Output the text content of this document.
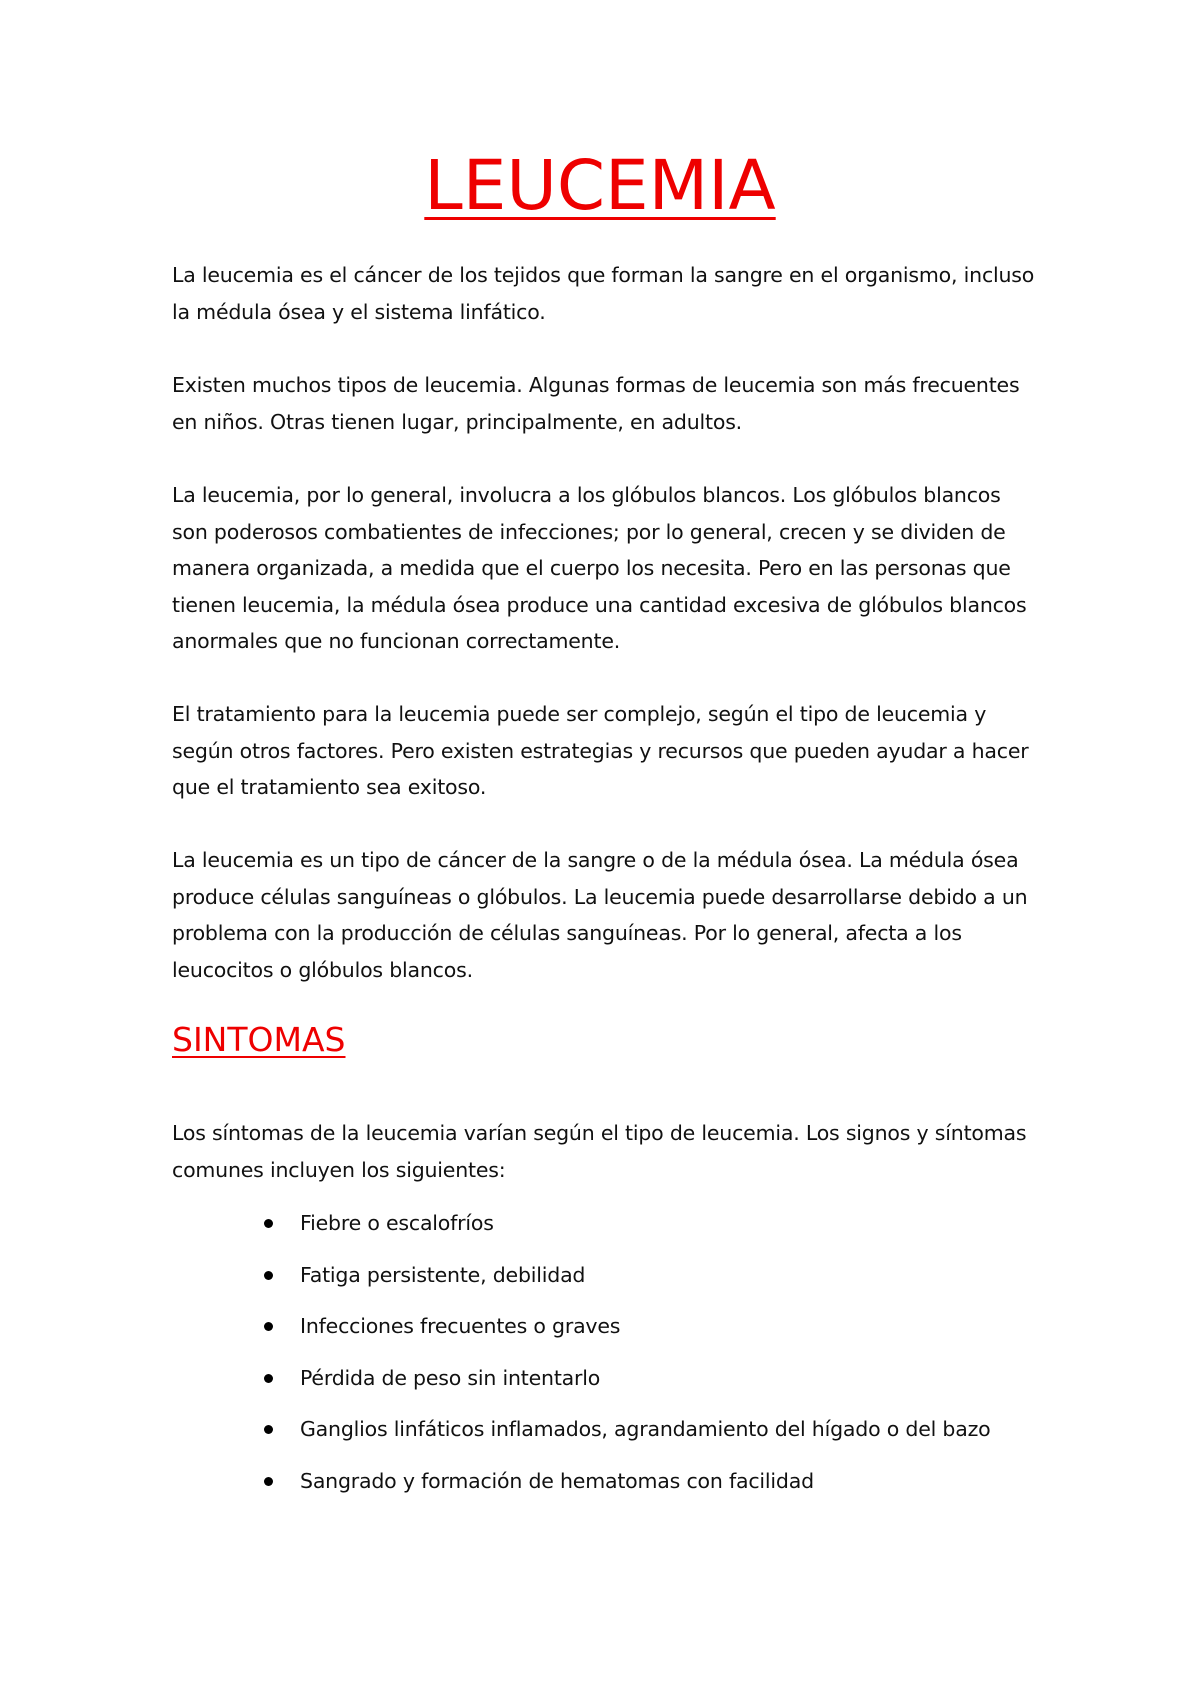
LEUCEMIA

La leucemia es el cáncer de los tejidos que forman la sangre en el organismo, incluso la médula ósea y el sistema linfático.

Existen muchos tipos de leucemia. Algunas formas de leucemia son más frecuentes en niños. Otras tienen lugar, principalmente, en adultos.

La leucemia, por lo general, involucra a los glóbulos blancos. Los glóbulos blancos son poderosos combatientes de infecciones; por lo general, crecen y se dividen de manera organizada, a medida que el cuerpo los necesita. Pero en las personas que tienen leucemia, la médula ósea produce una cantidad excesiva de glóbulos blancos anormales que no funcionan correctamente.

El tratamiento para la leucemia puede ser complejo, según el tipo de leucemia y según otros factores. Pero existen estrategias y recursos que pueden ayudar a hacer que el tratamiento sea exitoso.

La leucemia es un tipo de cáncer de la sangre o de la médula ósea. La médula ósea produce células sanguíneas o glóbulos. La leucemia puede desarrollarse debido a un problema con la producción de células sanguíneas. Por lo general, afecta a los leucocitos o glóbulos blancos.

SINTOMAS

Los síntomas de la leucemia varían según el tipo de leucemia. Los signos y síntomas comunes incluyen los siguientes:

Fiebre o escalofríos
Fatiga persistente, debilidad
Infecciones frecuentes o graves
Pérdida de peso sin intentarlo
Ganglios linfáticos inflamados, agrandamiento del hígado o del bazo
Sangrado y formación de hematomas con facilidad
